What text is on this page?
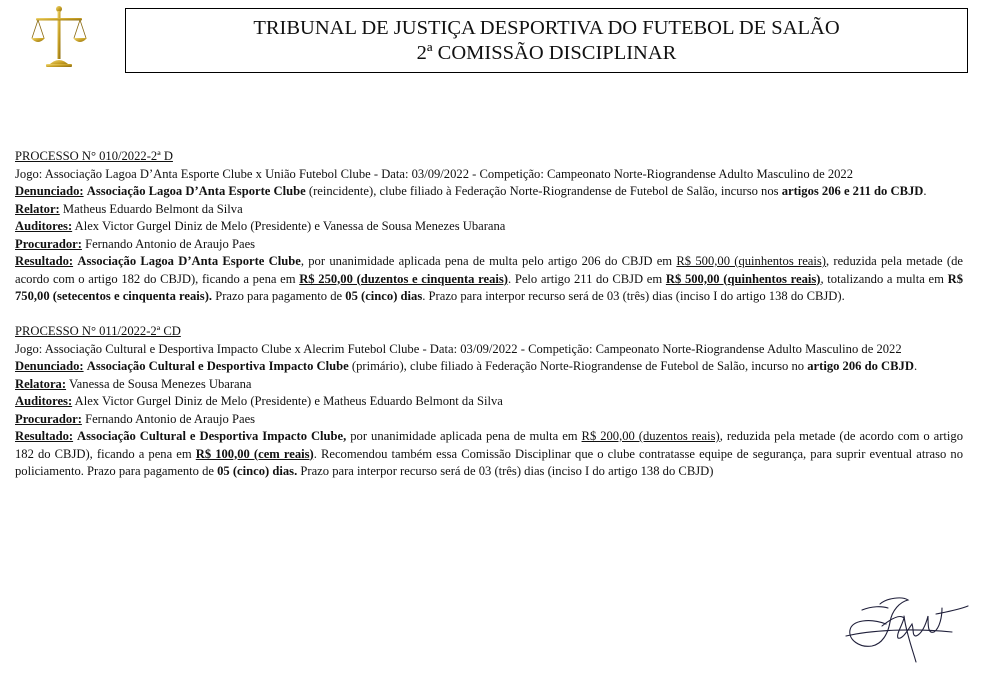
TRIBUNAL DE JUSTIÇA DESPORTIVA DO FUTEBOL DE SALÃO
2ª COMISSÃO DISCIPLINAR
PROCESSO N° 010/2022-2ª D
Jogo: Associação Lagoa D’Anta Esporte Clube x União Futebol Clube - Data: 03/09/2022 - Competição: Campeonato Norte-Riograndense Adulto Masculino de 2022
Denunciado: Associação Lagoa D’Anta Esporte Clube (reincidente), clube filiado à Federação Norte-Riograndense de Futebol de Salão, incurso nos artigos 206 e 211 do CBJD.
Relator: Matheus Eduardo Belmont da Silva
Auditores: Alex Victor Gurgel Diniz de Melo (Presidente) e Vanessa de Sousa Menezes Ubarana
Procurador: Fernando Antonio de Araujo Paes
Resultado: Associação Lagoa D’Anta Esporte Clube, por unanimidade aplicada pena de multa pelo artigo 206 do CBJD em R$ 500,00 (quinhentos reais), reduzida pela metade (de acordo com o artigo 182 do CBJD), ficando a pena em R$ 250,00 (duzentos e cinquenta reais). Pelo artigo 211 do CBJD em R$ 500,00 (quinhentos reais), totalizando a multa em R$ 750,00 (setecentos e cinquenta reais). Prazo para pagamento de 05 (cinco) dias. Prazo para interpor recurso será de 03 (três) dias (inciso I do artigo 138 do CBJD).
PROCESSO N° 011/2022-2ª CD
Jogo: Associação Cultural e Desportiva Impacto Clube x Alecrim Futebol Clube - Data: 03/09/2022 - Competição: Campeonato Norte-Riograndense Adulto Masculino de 2022
Denunciado: Associação Cultural e Desportiva Impacto Clube (primário), clube filiado à Federação Norte-Riograndense de Futebol de Salão, incurso no artigo 206 do CBJD.
Relatora: Vanessa de Sousa Menezes Ubarana
Auditores: Alex Victor Gurgel Diniz de Melo (Presidente) e Matheus Eduardo Belmont da Silva
Procurador: Fernando Antonio de Araujo Paes
Resultado: Associação Cultural e Desportiva Impacto Clube, por unanimidade aplicada pena de multa em R$ 200,00 (duzentos reais), reduzida pela metade (de acordo com o artigo 182 do CBJD), ficando a pena em R$ 100,00 (cem reais). Recomendou também essa Comissão Disciplinar que o clube contratasse equipe de segurança, para suprir eventual atraso no policiamento. Prazo para pagamento de 05 (cinco) dias. Prazo para interpor recurso será de 03 (três) dias (inciso I do artigo 138 do CBJD)
